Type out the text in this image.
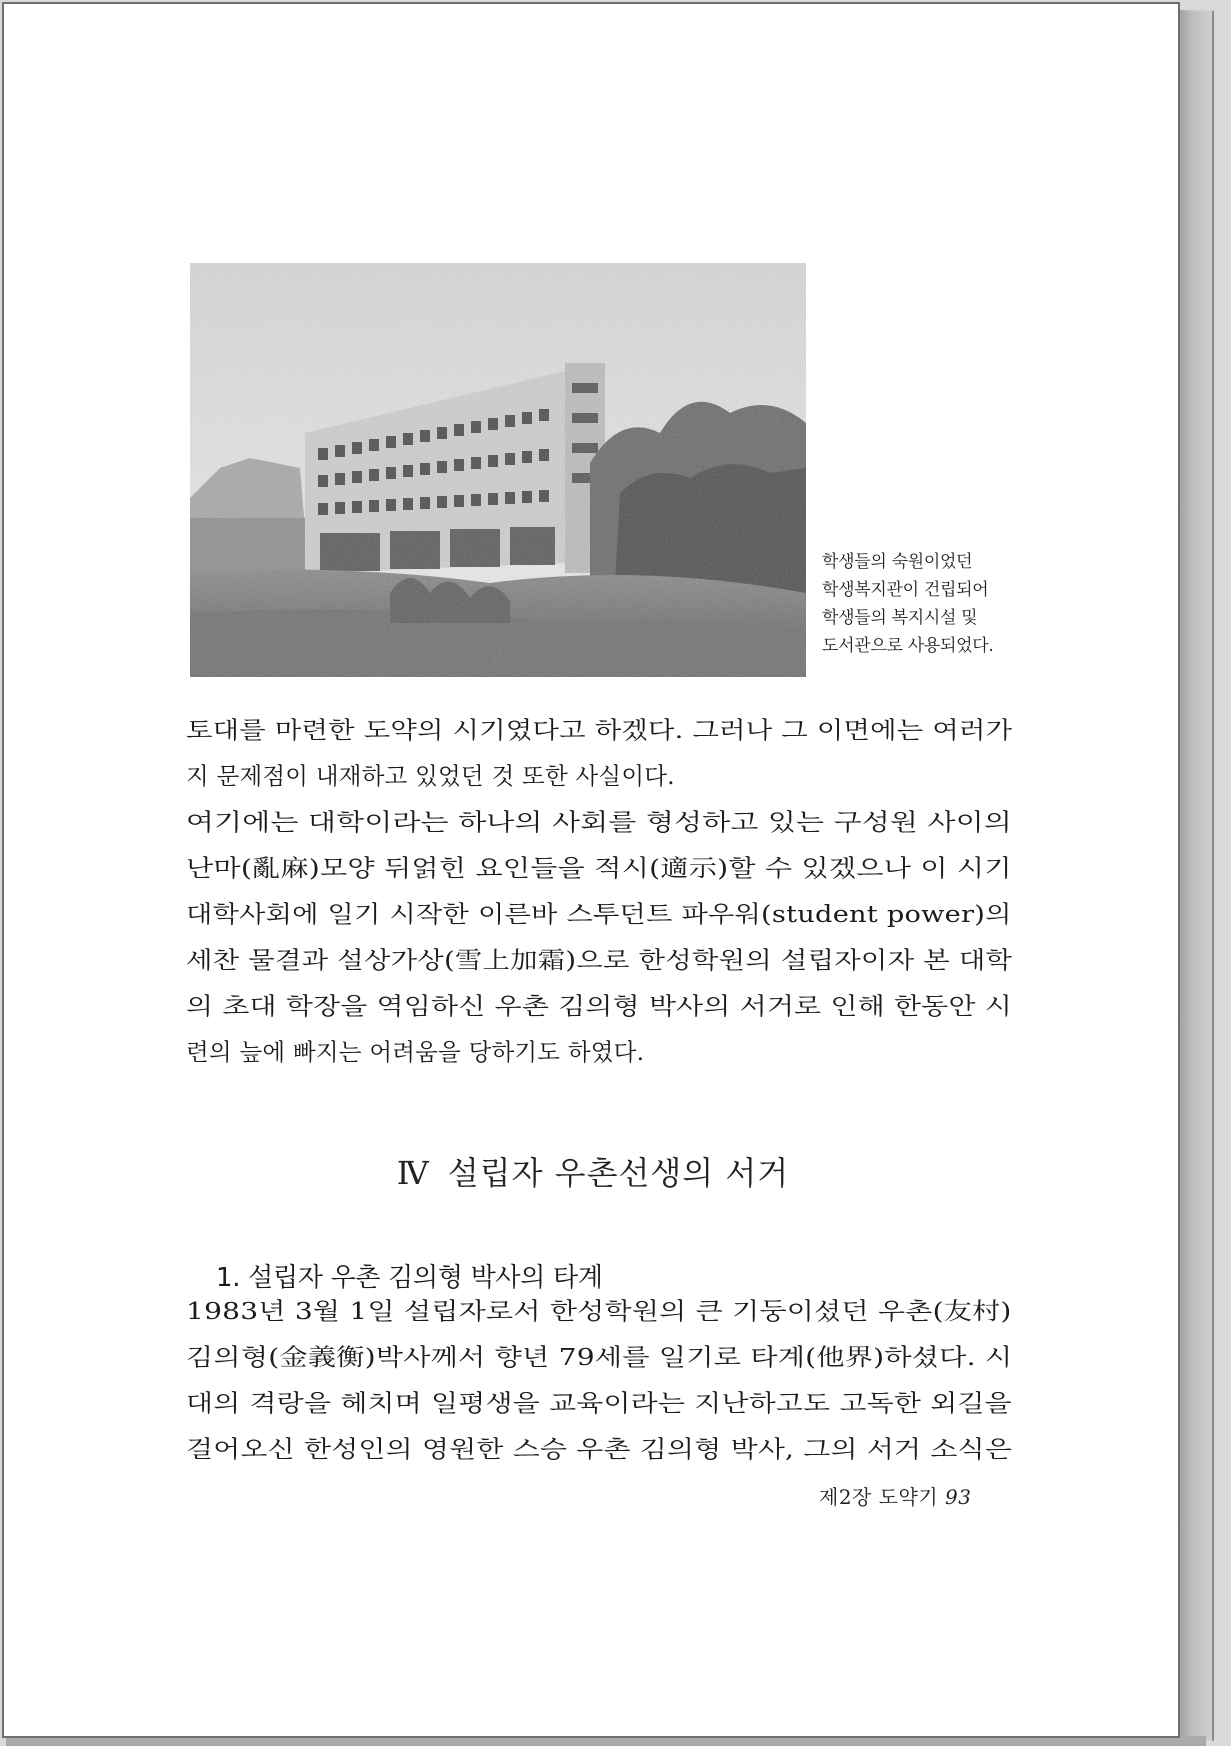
학생들의 숙원이었던
학생복지관이 건립되어
학생들의 복지시설 및
도서관으로 사용되었다.

토대를 마련한 도약의 시기였다고 하겠다. 그러나 그 이면에는 여러가

지 문제점이 내재하고 있었던 것 또한 사실이다.

여기에는 대학이라는 하나의 사회를 형성하고 있는 구성원 사이의

난마(亂麻)모양 뒤얽힌 요인들을 적시(適示)할 수 있겠으나 이 시기

대학사회에 일기 시작한 이른바 스투던트 파우워(student power)의

세찬 물결과 설상가상(雪上加霜)으로 한성학원의 설립자이자 본 대학

의 초대 학장을 역임하신 우촌 김의형 박사의 서거로 인해 한동안 시

련의 늪에 빠지는 어려움을 당하기도 하였다.

Ⅳ 설립자 우촌선생의 서거
1. 설립자 우촌 김의형 박사의 타계

1983년 3월 1일 설립자로서 한성학원의 큰 기둥이셨던 우촌(友村)

김의형(金義衡)박사께서 향년 79세를 일기로 타계(他界)하셨다. 시

대의 격랑을 헤치며 일평생을 교육이라는 지난하고도 고독한 외길을

걸어오신 한성인의 영원한 스승 우촌 김의형 박사, 그의 서거 소식은

제2장 도약기 93
